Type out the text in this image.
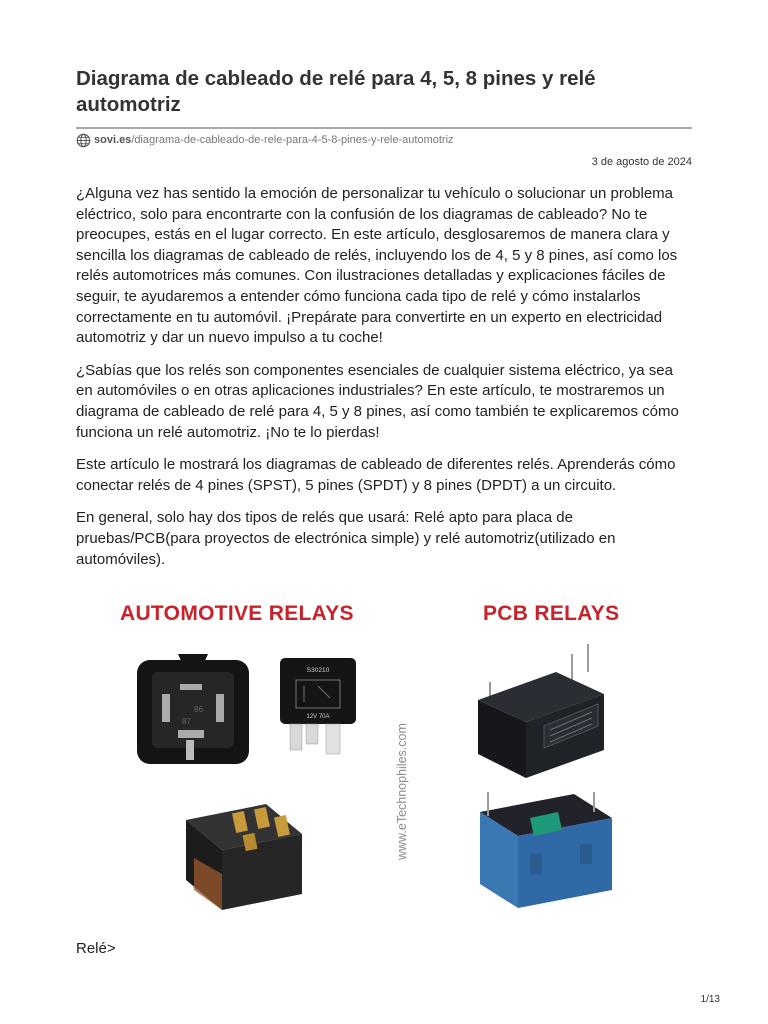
Diagrama de cableado de relé para 4, 5, 8 pines y relé automotriz
sovi.es /diagrama-de-cableado-de-rele-para-4-5-8-pines-y-rele-automotriz
3 de agosto de 2024

¿Alguna vez has sentido la emoción de personalizar tu vehículo o solucionar un problema eléctrico, solo para encontrarte con la confusión de los diagramas de cableado? No te preocupes, estás en el lugar correcto. En este artículo, desglosaremos de manera clara y sencilla los diagramas de cableado de relés, incluyendo los de 4, 5 y 8 pines, así como los relés automotrices más comunes. Con ilustraciones detalladas y explicaciones fáciles de seguir, te ayudaremos a entender cómo funciona cada tipo de relé y cómo instalarlos correctamente en tu automóvil. ¡Prepárate para convertirte en un experto en electricidad automotriz y dar un nuevo impulso a tu coche!

¿Sabías que los relés son componentes esenciales de cualquier sistema eléctrico, ya sea en automóviles o en otras aplicaciones industriales? En este artículo, te mostraremos un diagrama de cableado de relé para 4, 5 y 8 pines, así como también te explicaremos cómo funciona un relé automotriz. ¡No te lo pierdas!

Este artículo le mostrará los diagramas de cableado de diferentes relés. Aprenderás cómo conectar relés de 4 pines (SPST), 5 pines (SPDT) y 8 pines (DPDT) a un circuito.

En general, solo hay dos tipos de relés que usará: Relé apto para placa de pruebas/PCB(para proyectos de electrónica simple) y relé automotriz(utilizado en automóviles).

AUTOMOTIVE RELAYS	PCB RELAYS
86
87
S30210
12V 70A
www.eTechnophiles.com
Relé>
1/13
